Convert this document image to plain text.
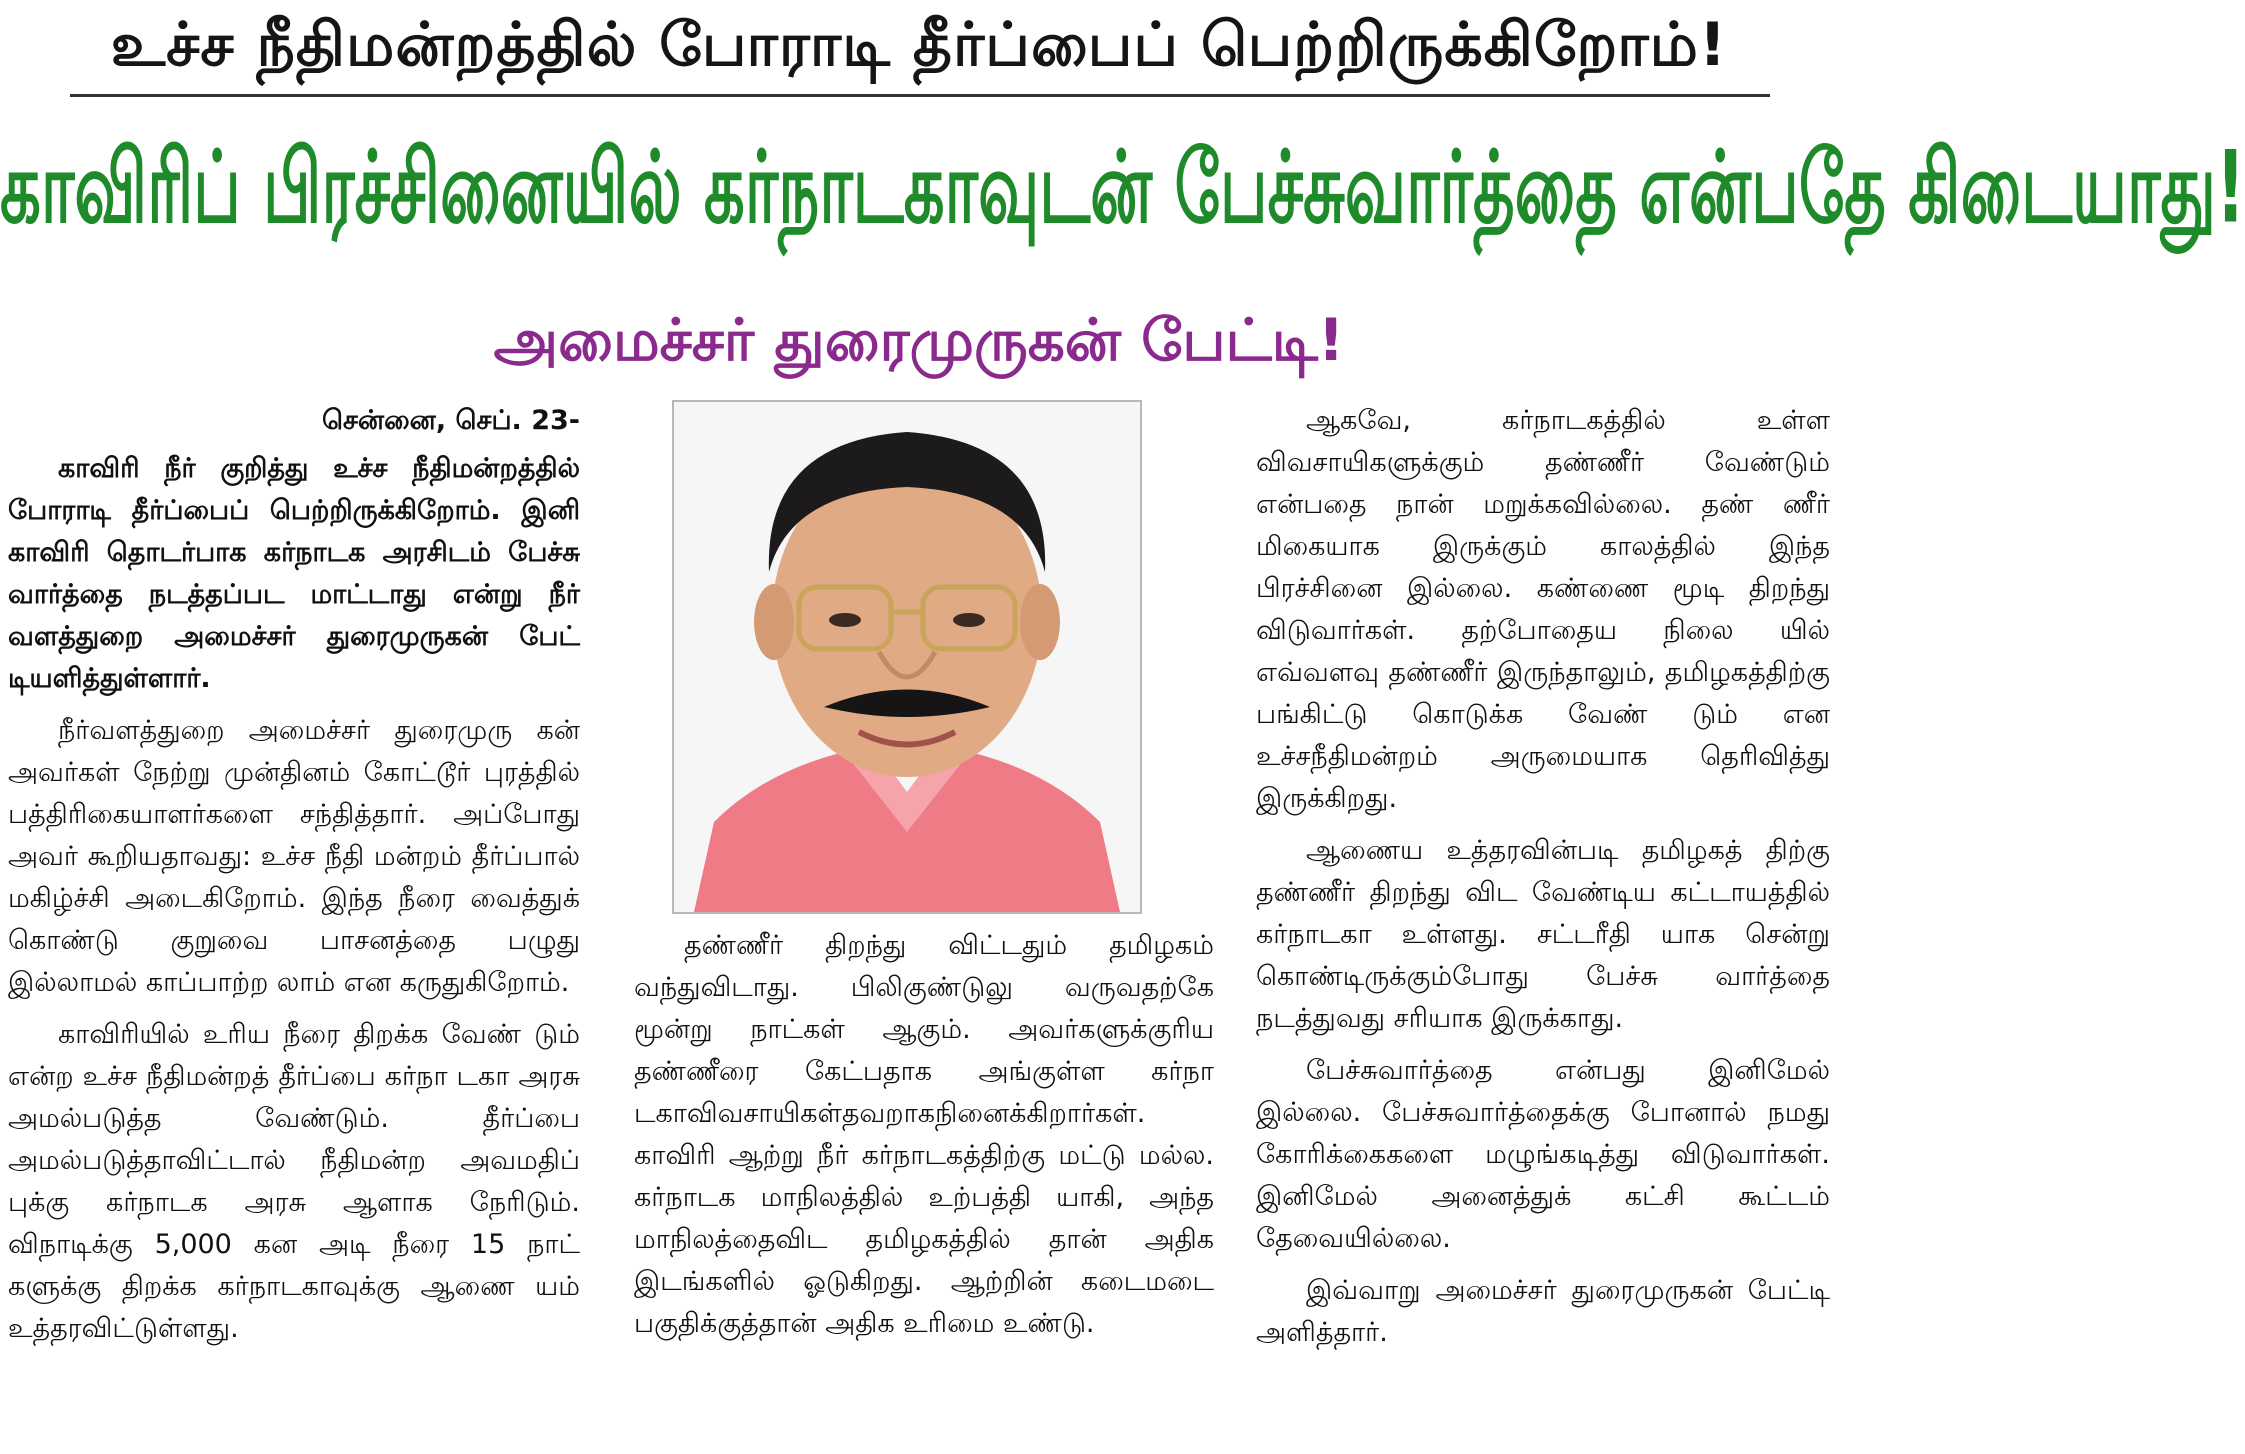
உச்ச நீதிமன்றத்தில் போராடி தீர்ப்பைப் பெற்றிருக்கிறோம்!
காவிரிப் பிரச்சினையில் கர்நாடகாவுடன் பேச்சுவார்த்தை என்பதே கிடையாது!
அமைச்சர் துரைமுருகன் பேட்டி!
சென்னை, செப். 23-

காவிரி நீர் குறித்து உச்ச நீதிமன்றத்தில் போராடி தீர்ப்பைப் பெற்றிருக்கிறோம். இனி காவிரி தொடர்பாக கர்நாடக அரசிடம் பேச்சு வார்த்தை நடத்தப்பட மாட்டாது என்று நீர் வளத்துறை அமைச்சர் துரைமுருகன் பேட் டியளித்துள்ளார்.

நீர்வளத்துறை அமைச்சர் துரைமுரு கன் அவர்கள் நேற்று முன்தினம் கோட்டூர் புரத்தில் பத்திரிகையாளர்களை சந்தித்தார். அப்போது அவர் கூறியதாவது: உச்ச நீதி மன்றம் தீர்ப்பால் மகிழ்ச்சி அடைகிறோம். இந்த நீரை வைத்துக் கொண்டு குறுவை பாசனத்தை பழுது இல்லாமல் காப்பாற்ற லாம் என கருதுகிறோம்.

காவிரியில் உரிய நீரை திறக்க வேண் டும் என்ற உச்ச நீதிமன்றத் தீர்ப்பை கர்நா டகா அரசு அமல்படுத்த வேண்டும். தீர்ப்பை அமல்படுத்தாவிட்டால் நீதிமன்ற அவமதிப் புக்கு கர்நாடக அரசு ஆளாக நேரிடும். விநாடிக்கு 5,000 கன அடி நீரை 15 நாட் களுக்கு திறக்க கர்நாடகாவுக்கு ஆணை யம் உத்தரவிட்டுள்ளது.

தண்ணீர் திறந்து விட்டதும் தமிழகம் வந்துவிடாது. பிலிகுண்டுலு வருவதற்கே மூன்று நாட்கள் ஆகும். அவர்களுக்குரிய தண்ணீரை கேட்பதாக அங்குள்ள கர்நா டகாவிவசாயிகள்தவறாகநினைக்கிறார்கள். காவிரி ஆற்று நீர் கர்நாடகத்திற்கு மட்டு மல்ல. கர்நாடக மாநிலத்தில் உற்பத்தி யாகி, அந்த மாநிலத்தைவிட தமிழகத்தில் தான் அதிக இடங்களில் ஓடுகிறது. ஆற்றின் கடைமடை பகுதிக்குத்தான் அதிக உரிமை உண்டு.

ஆகவே, கர்நாடகத்தில் உள்ள விவசாயிகளுக்கும் தண்ணீர் வேண்டும் என்பதை நான் மறுக்கவில்லை. தண் ணீர் மிகையாக இருக்கும் காலத்தில் இந்த பிரச்சினை இல்லை. கண்ணை மூடி திறந்து விடுவார்கள். தற்போதைய நிலை யில் எவ்வளவு தண்ணீர் இருந்தாலும், தமிழகத்திற்கு பங்கிட்டு கொடுக்க வேண் டும் என உச்சநீதிமன்றம் அருமையாக தெரிவித்து இருக்கிறது.

ஆணைய உத்தரவின்படி தமிழகத் திற்கு தண்ணீர் திறந்து விட வேண்டிய கட்டாயத்தில் கர்நாடகா உள்ளது. சட்டரீதி யாக சென்று கொண்டிருக்கும்போது பேச்சு வார்த்தை நடத்துவது சரியாக இருக்காது.

பேச்சுவார்த்தை என்பது இனிமேல் இல்லை. பேச்சுவார்த்தைக்கு போனால் நமது கோரிக்கைகளை மழுங்கடித்து விடுவார்கள். இனிமேல் அனைத்துக் கட்சி கூட்டம் தேவையில்லை.

இவ்வாறு அமைச்சர் துரைமுருகன் பேட்டி அளித்தார்.
